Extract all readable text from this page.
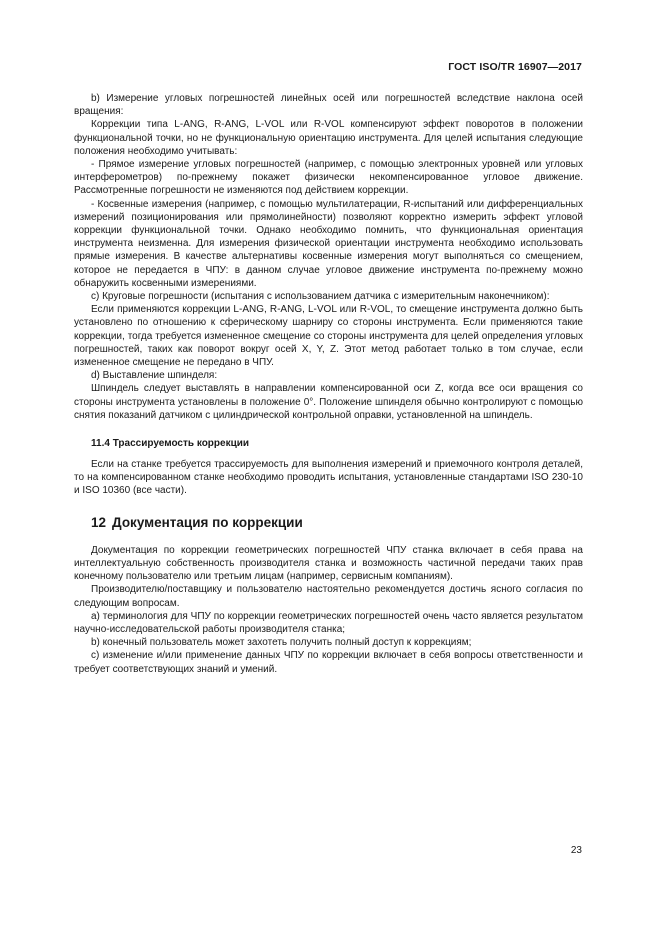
ГОСТ ISO/TR 16907—2017

b) Измерение угловых погрешностей линейных осей или погрешностей вследствие наклона осей вращения:

Коррекции типа L-ANG, R-ANG, L-VOL или R-VOL компенсируют эффект поворотов в положении функциональной точки, но не функциональную ориентацию инструмента. Для целей испытания следующие положения необходимо учитывать:

- Прямое измерение угловых погрешностей (например, с помощью электронных уровней или угловых интерферометров) по-прежнему покажет физически некомпенсированное угловое движение. Рассмотренные погрешности не изменяются под действием коррекции.

- Косвенные измерения (например, с помощью мультилатерации, R-испытаний или дифференциальных измерений позиционирования или прямолинейности) позволяют корректно измерить эффект угловой коррекции функциональной точки. Однако необходимо помнить, что функциональная ориентация инструмента неизменна. Для измерения физической ориентации инструмента необходимо использовать прямые измерения. В качестве альтернативы косвенные измерения могут выполняться со смещением, которое не передается в ЧПУ: в данном случае угловое движение инструмента по-прежнему можно обнаружить косвенными измерениями.

c) Круговые погрешности (испытания с использованием датчика с измерительным наконечником):

Если применяются коррекции L-ANG, R-ANG, L-VOL или R-VOL, то смещение инструмента должно быть установлено по отношению к сферическому шарниру со стороны инструмента. Если применяются такие коррекции, тогда требуется измененное смещение со стороны инструмента для целей определения угловых погрешностей, таких как поворот вокруг осей X, Y, Z. Этот метод работает только в том случае, если измененное смещение не передано в ЧПУ.

d) Выставление шпинделя:

Шпиндель следует выставлять в направлении компенсированной оси Z, когда все оси вращения со стороны инструмента установлены в положение 0°. Положение шпинделя обычно контролируют с помощью снятия показаний датчиком с цилиндрической контрольной оправки, установленной на шпиндель.

11.4 Трассируемость коррекции

Если на станке требуется трассируемость для выполнения измерений и приемочного контроля деталей, то на компенсированном станке необходимо проводить испытания, установленные стандартами ISO 230-10 и ISO 10360 (все части).

12 Документация по коррекции

Документация по коррекции геометрических погрешностей ЧПУ станка включает в себя права на интеллектуальную собственность производителя станка и возможность частичной передачи таких прав конечному пользователю или третьим лицам (например, сервисным компаниям).

Производителю/поставщику и пользователю настоятельно рекомендуется достичь ясного согласия по следующим вопросам.

a) терминология для ЧПУ по коррекции геометрических погрешностей очень часто является результатом научно-исследовательской работы производителя станка;

b) конечный пользователь может захотеть получить полный доступ к коррекциям;

c) изменение и/или применение данных ЧПУ по коррекции включает в себя вопросы ответственности и требует соответствующих знаний и умений.

23
